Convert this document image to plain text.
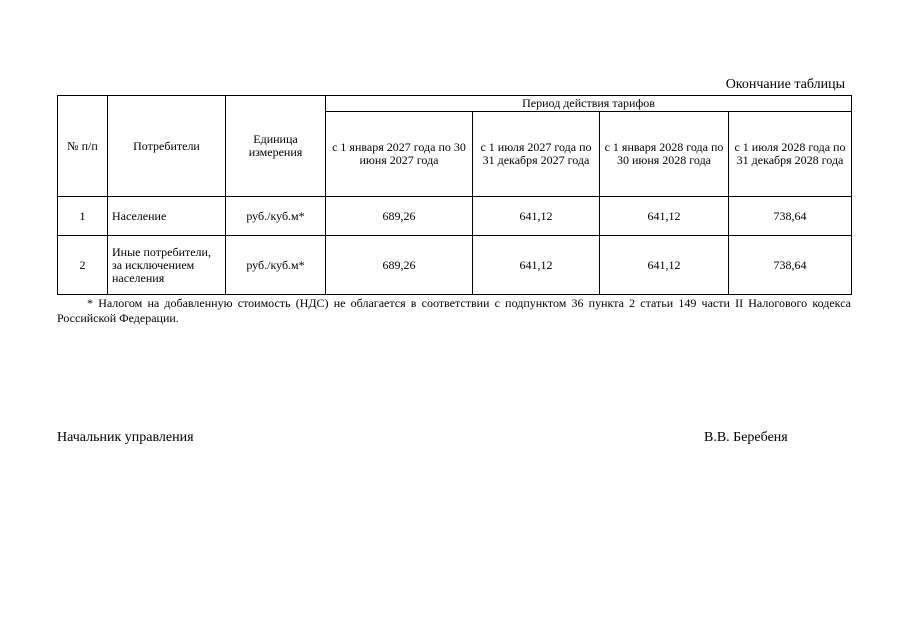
Окончание таблицы
№ п/п	Потребители	Единица измерения	Период действия тарифов			
			с 1 января 2027 года по 30 июня 2027 года	с 1 июля 2027 года по 31 декабря 2027 года	с 1 января 2028 года по 30 июня 2028 года	с 1 июля 2028 года по 31 декабря 2028 года
1	Население	руб./куб.м*	689,26	641,12	641,12	738,64
2	Иные потребители, за исключением населения	руб./куб.м*	689,26	641,12	641,12	738,64
* Налогом на добавленную стоимость (НДС) не облагается в соответствии с подпунктом 36 пункта 2 статьи 149 части II Налогового кодекса Российской Федерации.
Начальник управления	В.В. Беребеня
